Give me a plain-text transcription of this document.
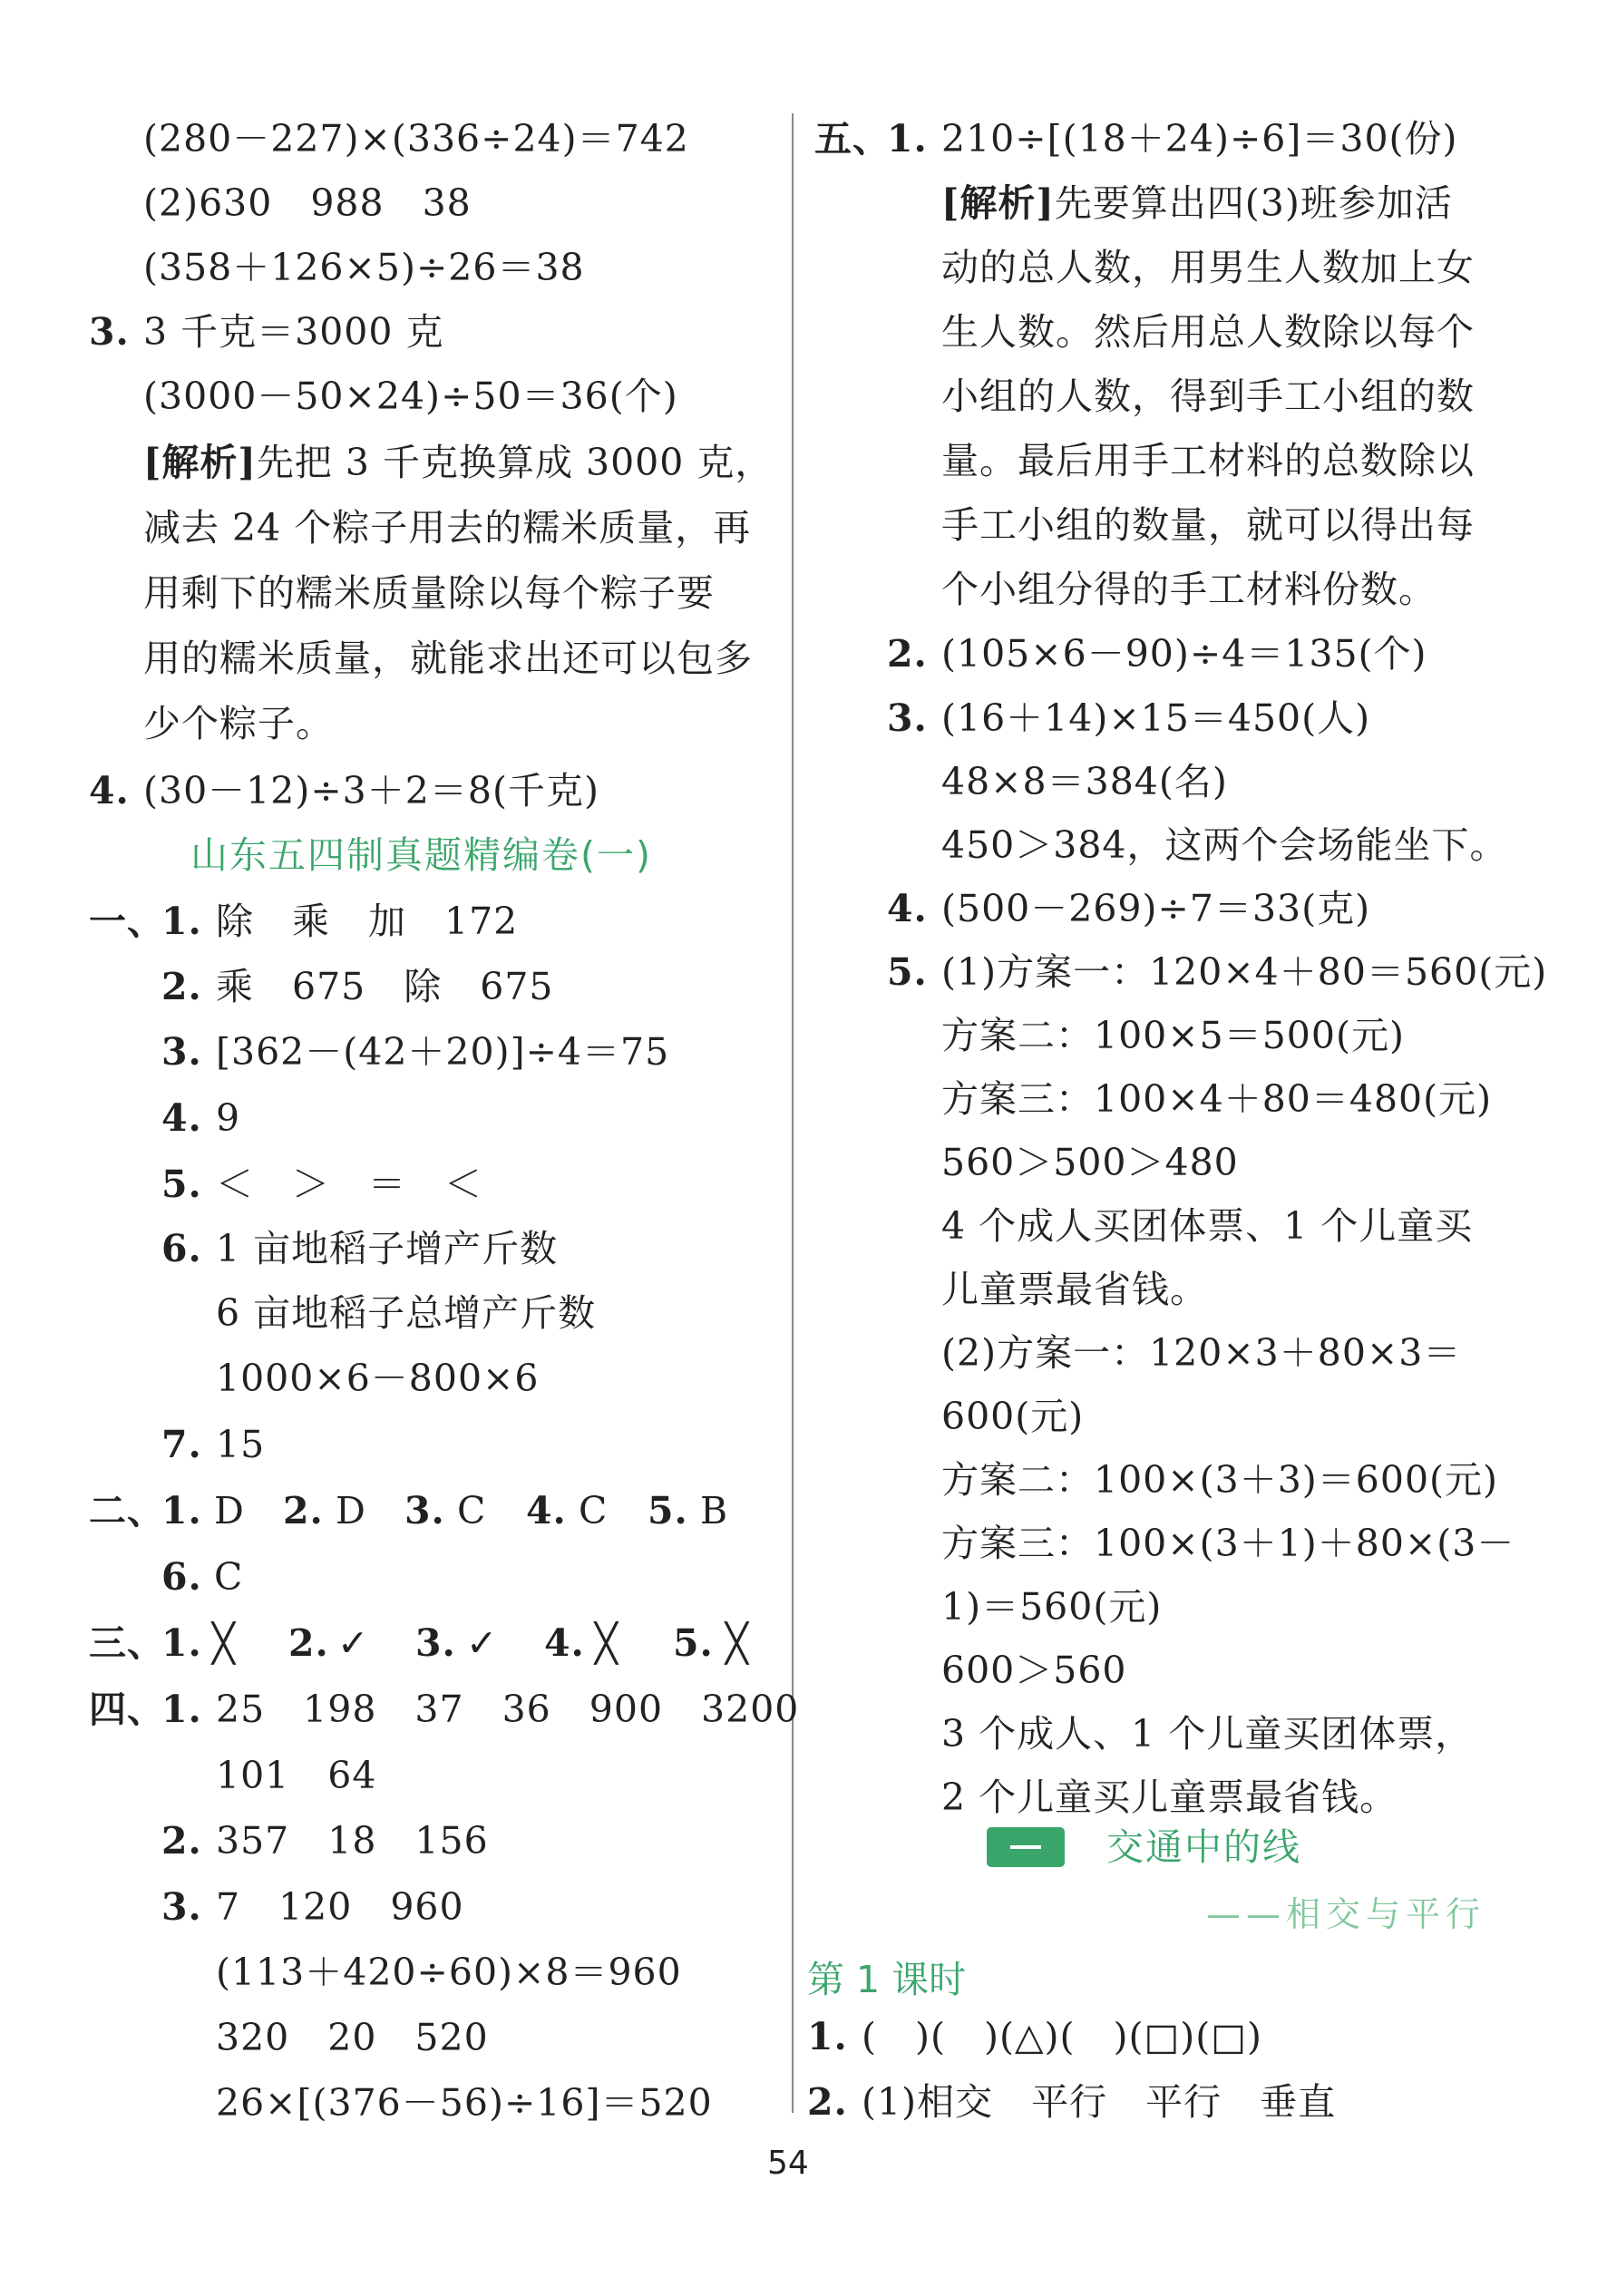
(280－227)×(336÷24)＝742
(2)630　988　38
(358＋126×5)÷26＝38
3. 3 千克＝3000 克
(3000－50×24)÷50＝36(个)
[解析]先把 3 千克换算成 3000 克，
减去 24 个粽子用去的糯米质量，再
用剩下的糯米质量除以每个粽子要
用的糯米质量，就能求出还可以包多
少个粽子。
4. (30－12)÷3＋2＝8(千克)
山东五四制真题精编卷(一)
一、
1. 除　乘　加　172
2. 乘　675　除　675
3. [362－(42＋20)]÷4＝75
4. 9
5. ＜　＞　＝　＜
6. 1 亩地稻子增产斤数
6 亩地稻子总增产斤数
1000×6－800×6
7. 15
二、
1. D 2. D 3. C 4. C 5. B
6. C
三、
1. ╳ 2. ✓ 3. ✓ 4. ╳ 5. ╳
四、
1. 25　198　37　36　900　3200
101　64
2. 357　18　156
3. 7　120　960
(113＋420÷60)×8＝960
320　20　520
26×[(376－56)÷16]＝520
五、
1. 210÷[(18＋24)÷6]＝30(份)
[解析]先要算出四(3)班参加活
动的总人数，用男生人数加上女
生人数。然后用总人数除以每个
小组的人数，得到手工小组的数
量。最后用手工材料的总数除以
手工小组的数量，就可以得出每
个小组分得的手工材料份数。
2. (105×6－90)÷4＝135(个)
3. (16＋14)×15＝450(人)
48×8＝384(名)
450＞384，这两个会场能坐下。
4. (500－269)÷7＝33(克)
5. (1)方案一：120×4＋80＝560(元)
方案二：100×5＝500(元)
方案三：100×4＋80＝480(元)
560＞500＞480
4 个成人买团体票、1 个儿童买
儿童票最省钱。
(2)方案一：120×3＋80×3＝
600(元)
方案二：100×(3＋3)＝600(元)
方案三：100×(3＋1)＋80×(3－
1)＝560(元)
600＞560
3 个成人、1 个儿童买团体票，
2 个儿童买儿童票最省钱。
交通中的线
——相交与平行
第 1 课时
1. (　)(　)(△)(　)(□)(□)
2. (1)相交　平行　平行　垂直
54
